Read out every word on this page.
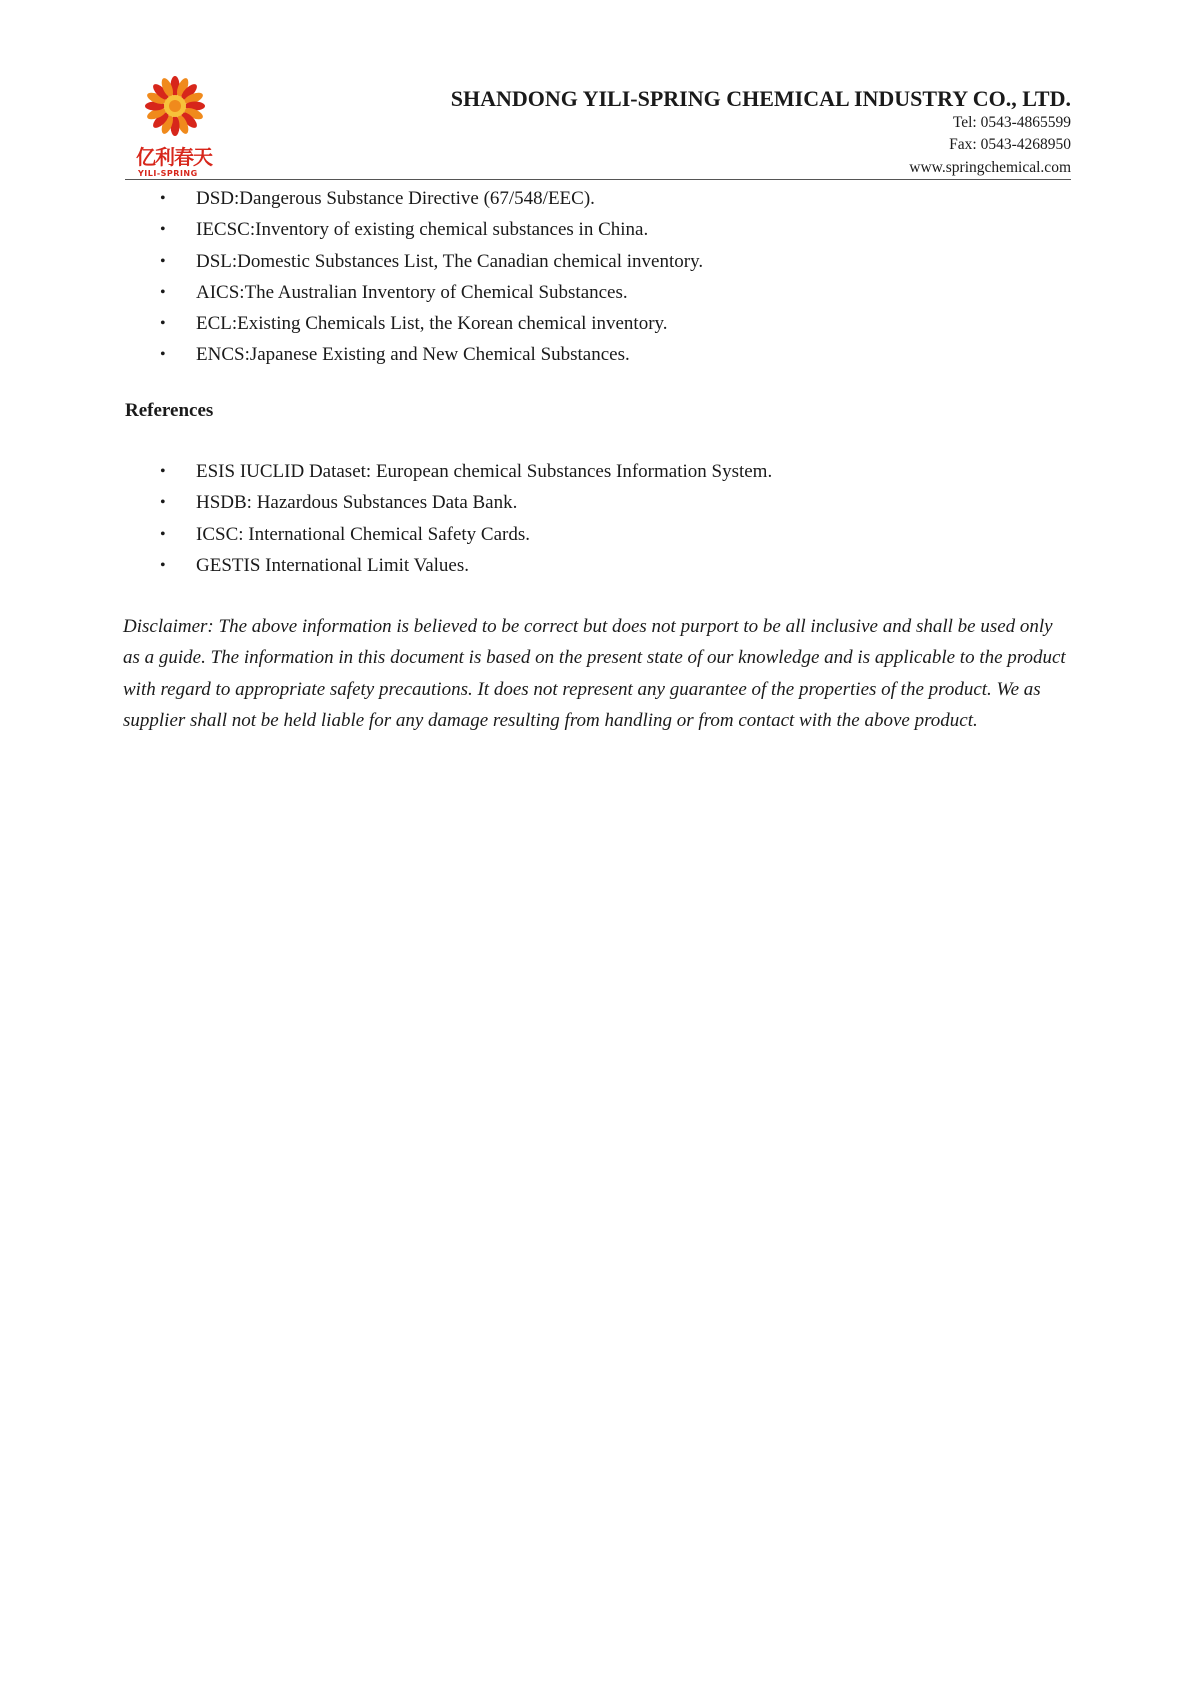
亿利春天
YILI-SPRING
SHANDONG YILI-SPRING CHEMICAL INDUSTRY CO., LTD.
Tel: 0543-4865599
Fax: 0543-4268950
www.springchemical.com
• DSD:Dangerous Substance Directive (67/548/EEC).
• IECSC:Inventory of existing chemical substances in China.
• DSL:Domestic Substances List, The Canadian chemical inventory.
• AICS:The Australian Inventory of Chemical Substances.
• ECL:Existing Chemicals List, the Korean chemical inventory.
• ENCS:Japanese Existing and New Chemical Substances.
References
• ESIS IUCLID Dataset: European chemical Substances Information System.
• HSDB: Hazardous Substances Data Bank.
• ICSC: International Chemical Safety Cards.
• GESTIS International Limit Values.

Disclaimer: The above information is believed to be correct but does not purport to be all inclusive and shall be used only as a guide. The information in this document is based on the present state of our knowledge and is applicable to the product with regard to appropriate safety precautions. It does not represent any guarantee of the properties of the product. We as supplier shall not be held liable for any damage resulting from handling or from contact with the above product.
